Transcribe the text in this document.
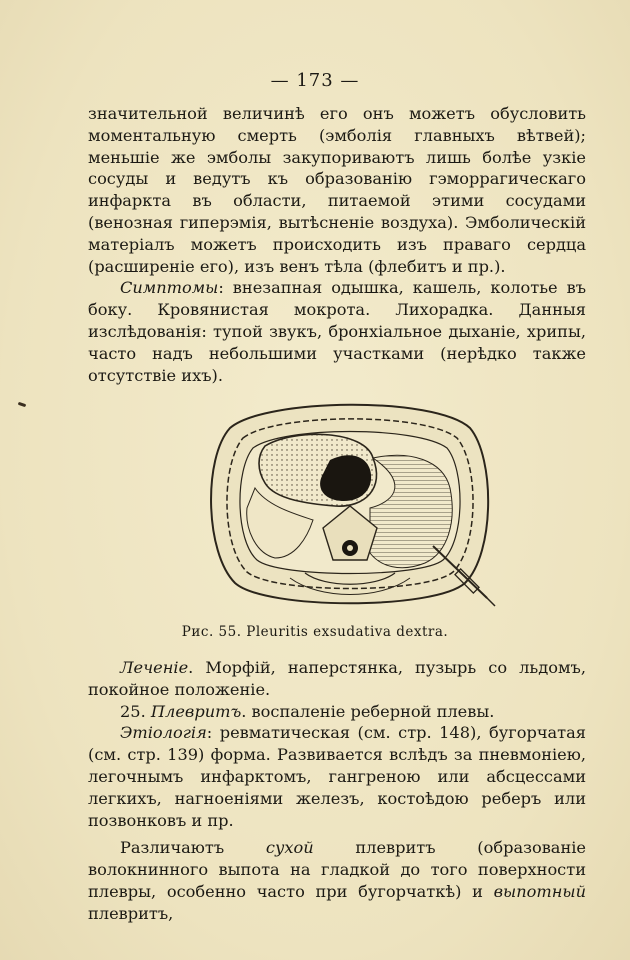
— 173 —

значительной величинѣ его онъ можетъ обусловить моментальную смерть (эмболія главныхъ вѣтвей); меньшіе же эмболы закупориваютъ лишь болѣе узкіе сосуды и ведутъ къ образованію гэморрагическаго инфаркта въ области, питаемой этими сосудами (венозная гиперэмія, вытѣсненіе воздуха). Эмболическій матеріалъ можетъ происходить изъ праваго сердца (расширеніе его), изъ венъ тѣла (флебитъ и пр.).

Симптомы: внезапная одышка, кашель, колотье въ боку. Кровянистая мокрота. Лихорадка. Данныя изслѣдованія: тупой звукъ, бронхіальное дыханіе, хрипы, часто надъ небольшими участками (нерѣдко также отсутствіе ихъ).

Рис. 55. Pleuritis exsudativa dextra.

Леченіе. Морфій, наперстянка, пузырь со льдомъ, покойное положеніе.

25. Плевритъ. воспаленіе реберной плевы.

Этіологія: ревматическая (см. стр. 148), бугорчатая (см. стр. 139) форма. Развивается вслѣдъ за пневмоніею, легочнымъ инфарктомъ, гангреною или абсцессами легкихъ, нагноеніями железъ, костоѣдою реберъ или позвонковъ и пр.

Различаютъ сухой плевритъ (образованіе волокнинного выпота на гладкой до того поверхности плевры, особенно часто при бугорчаткѣ) и выпотный плевритъ,
